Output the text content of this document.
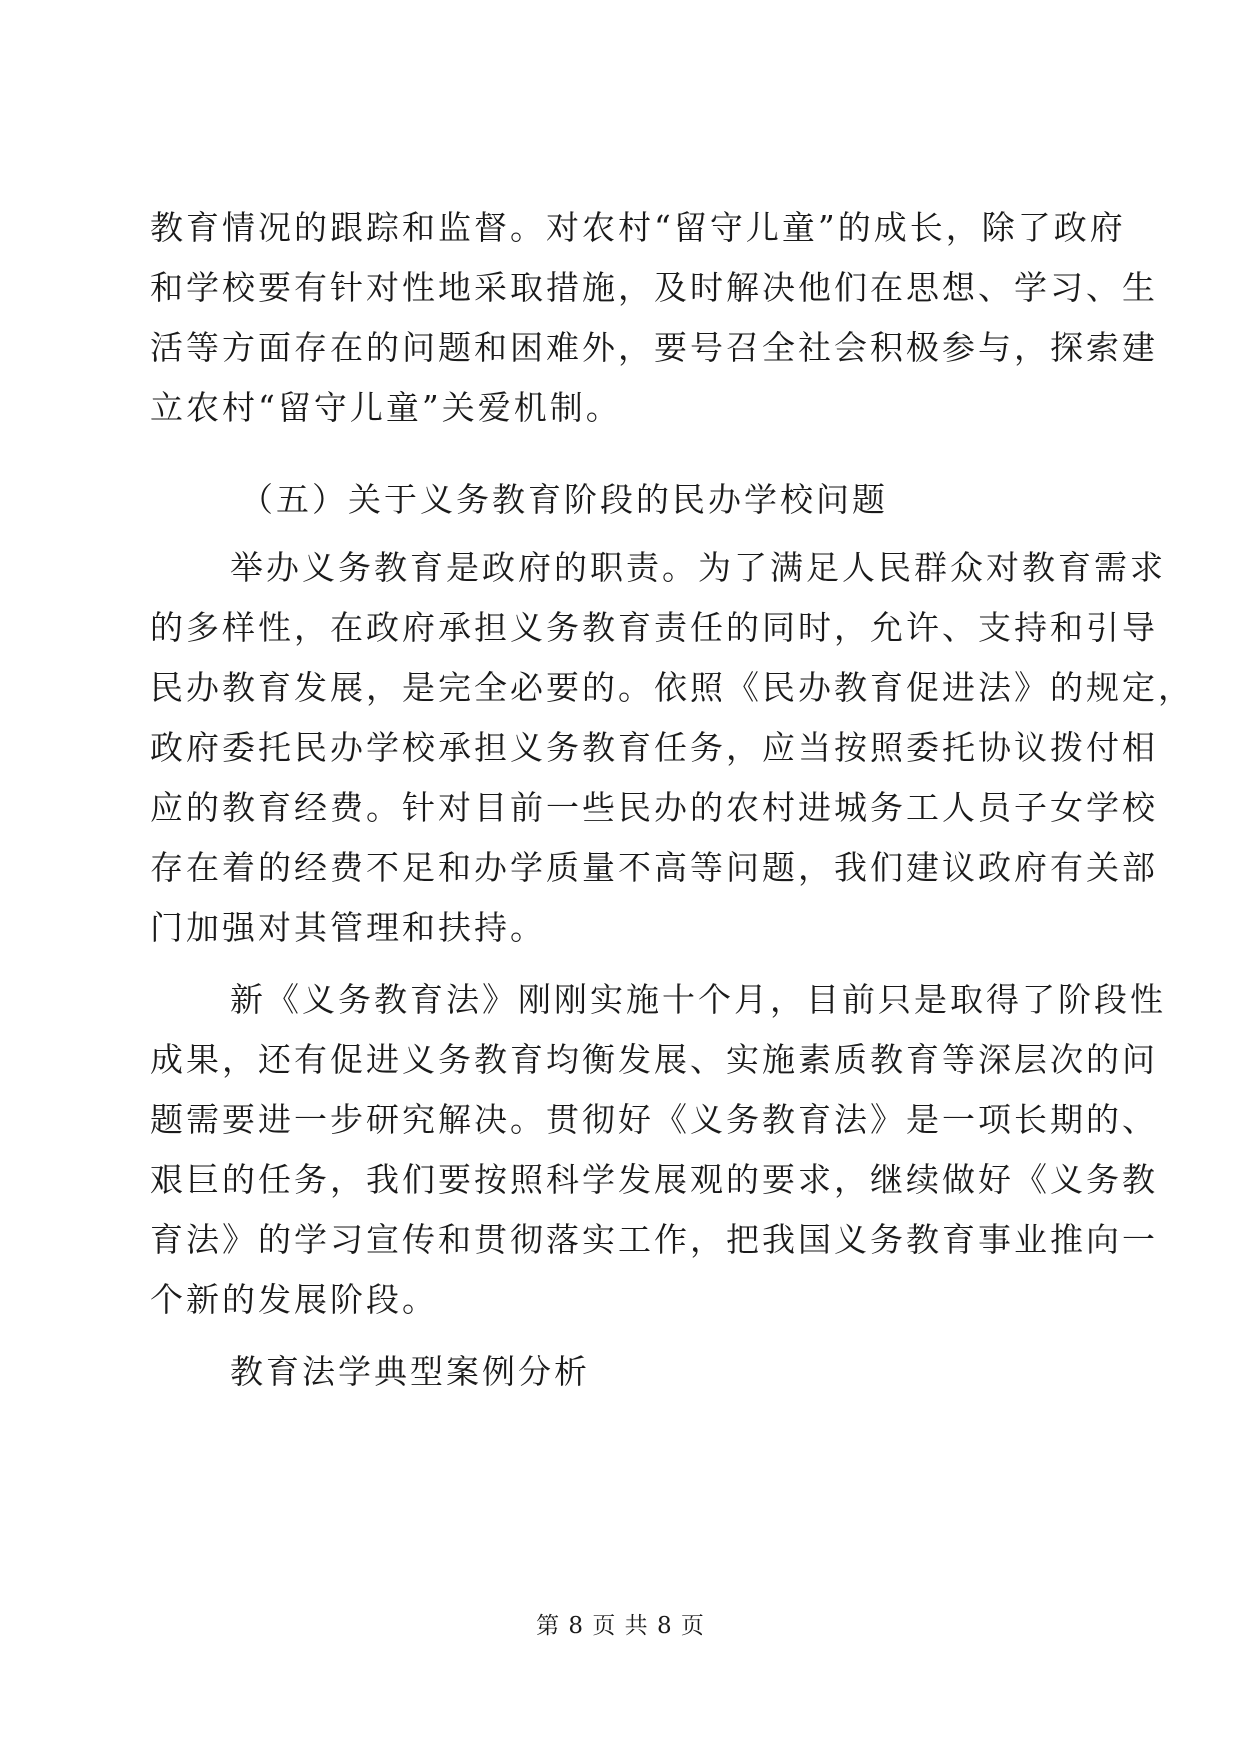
教育情况的跟踪和监督。对农村“留守儿童”的成长，除了政府
和学校要有针对性地采取措施，及时解决他们在思想、学习、生
活等方面存在的问题和困难外，要号召全社会积极参与，探索建
立农村“留守儿童”关爱机制。
（五）关于义务教育阶段的民办学校问题
举办义务教育是政府的职责。为了满足人民群众对教育需求
的多样性，在政府承担义务教育责任的同时，允许、支持和引导
民办教育发展，是完全必要的。依照《民办教育促进法》的规定，
政府委托民办学校承担义务教育任务，应当按照委托协议拨付相
应的教育经费。针对目前一些民办的农村进城务工人员子女学校
存在着的经费不足和办学质量不高等问题，我们建议政府有关部
门加强对其管理和扶持。
新《义务教育法》刚刚实施十个月，目前只是取得了阶段性
成果，还有促进义务教育均衡发展、实施素质教育等深层次的问
题需要进一步研究解决。贯彻好《义务教育法》是一项长期的、
艰巨的任务，我们要按照科学发展观的要求，继续做好《义务教
育法》的学习宣传和贯彻落实工作，把我国义务教育事业推向一
个新的发展阶段。
教育法学典型案例分析
第 8 页 共 8 页
